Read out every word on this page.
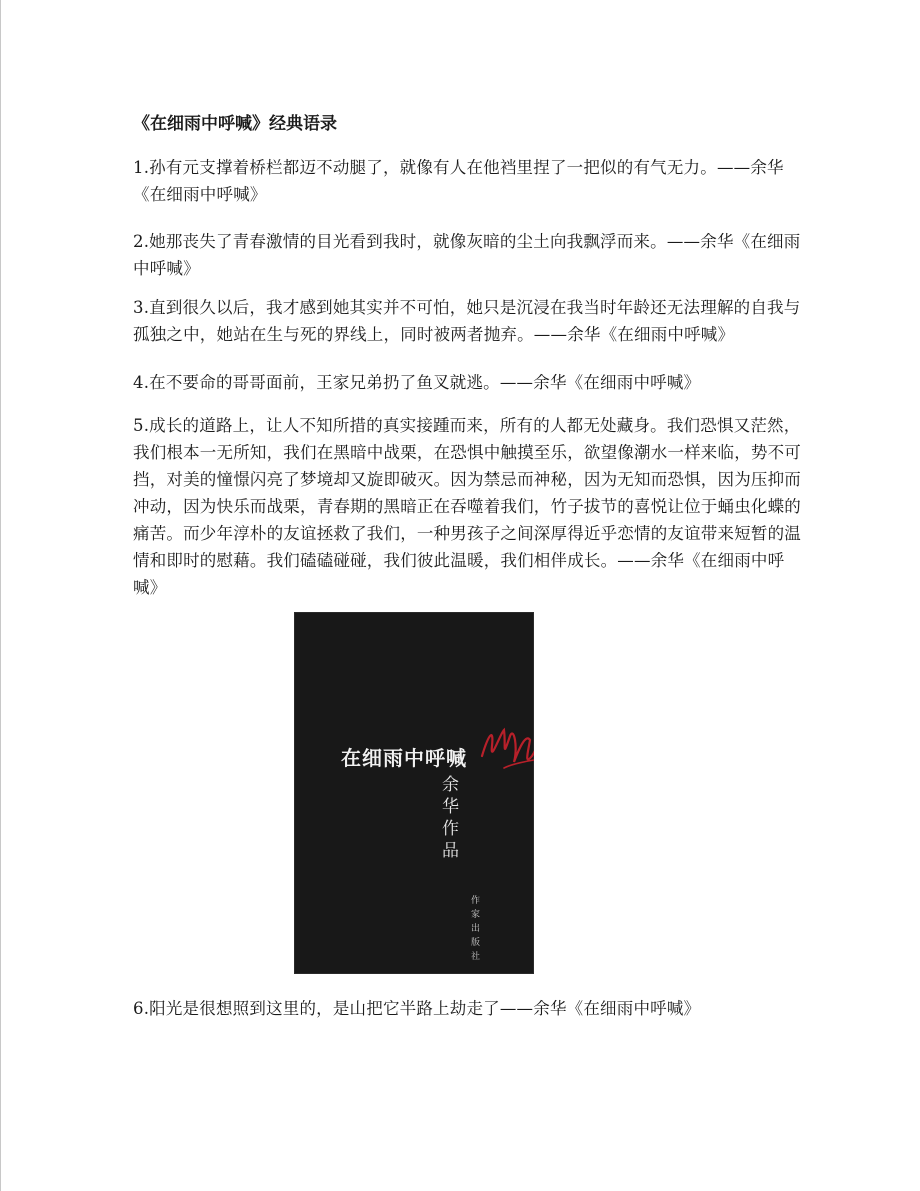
《在细雨中呼喊》经典语录

1.孙有元支撑着桥栏都迈不动腿了，就像有人在他裆里捏了一把似的有气无力。——余华《在细雨中呼喊》

2.她那丧失了青春激情的目光看到我时，就像灰暗的尘土向我飘浮而来。——余华《在细雨中呼喊》

3.直到很久以后，我才感到她其实并不可怕，她只是沉浸在我当时年龄还无法理解的自我与孤独之中，她站在生与死的界线上，同时被两者抛弃。——余华《在细雨中呼喊》

4.在不要命的哥哥面前，王家兄弟扔了鱼叉就逃。——余华《在细雨中呼喊》

5.成长的道路上，让人不知所措的真实接踵而来，所有的人都无处藏身。我们恐惧又茫然，我们根本一无所知，我们在黑暗中战栗，在恐惧中触摸至乐，欲望像潮水一样来临，势不可挡，对美的憧憬闪亮了梦境却又旋即破灭。因为禁忌而神秘，因为无知而恐惧，因为压抑而冲动，因为快乐而战栗，青春期的黑暗正在吞噬着我们，竹子拔节的喜悦让位于蛹虫化蝶的痛苦。而少年淳朴的友谊拯救了我们，一种男孩子之间深厚得近乎恋情的友谊带来短暂的温情和即时的慰藉。我们磕磕碰碰，我们彼此温暖，我们相伴成长。——余华《在细雨中呼喊》

在细雨中呼喊
余华作品
作家出版社

6.阳光是很想照到这里的，是山把它半路上劫走了——余华《在细雨中呼喊》
